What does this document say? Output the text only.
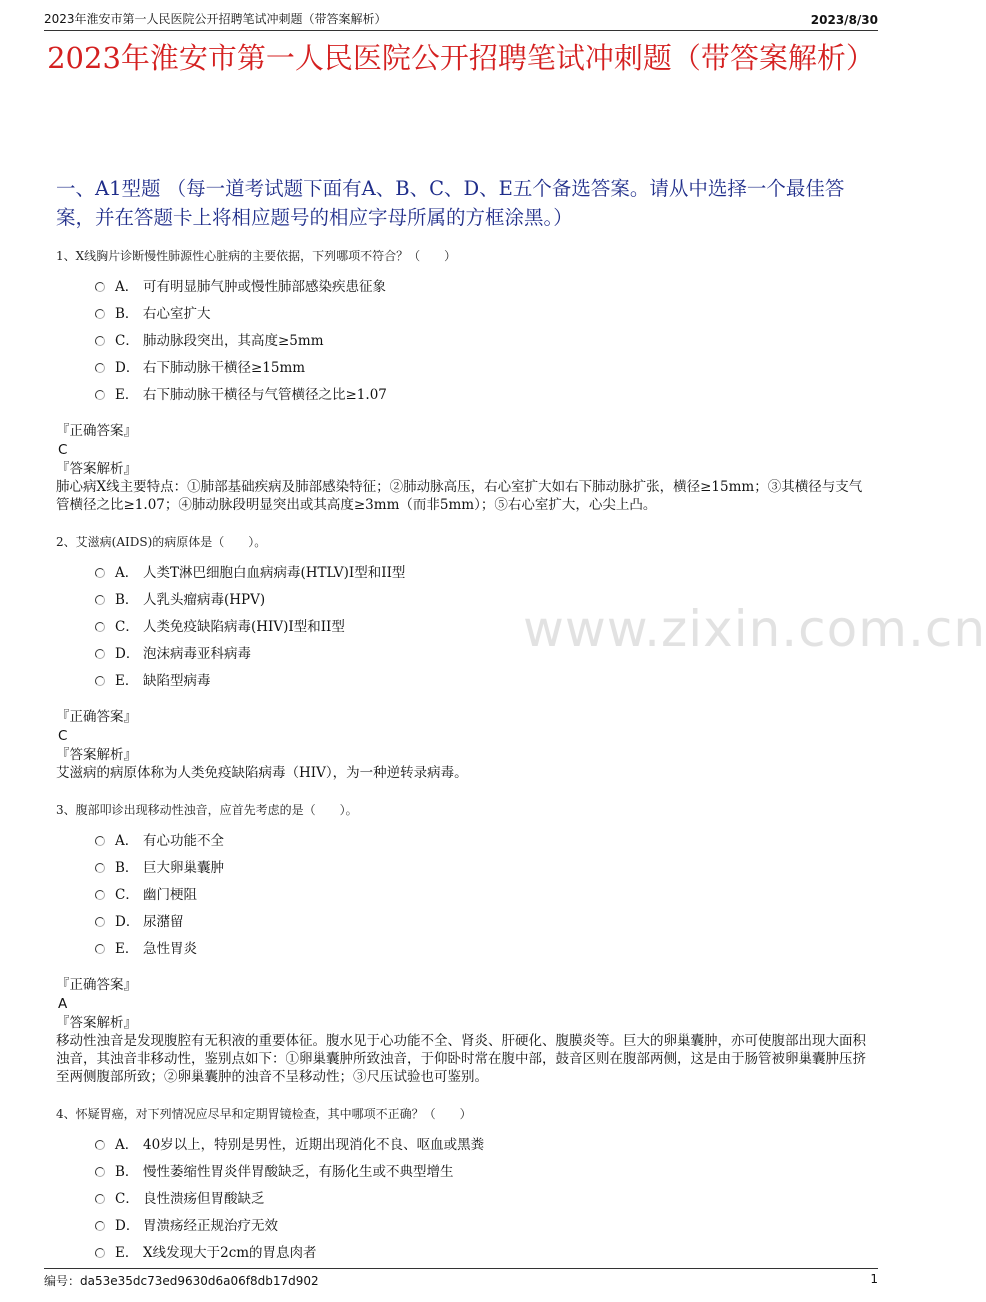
2023年淮安市第一人民医院公开招聘笔试冲刺题（带答案解析）	2023/8/30
2023年淮安市第一人民医院公开招聘笔试冲刺题（带答案解析）
一、A1型题 （每一道考试题下面有A、B、C、D、E五个备选答案。请从中选择一个最佳答案，并在答题卡上将相应题号的相应字母所属的方框涂黑。）
www.zixin.com.cn
1、X线胸片诊断慢性肺源性心脏病的主要依据，下列哪项不符合？（　　）
A． 可有明显肺气肿或慢性肺部感染疾患征象
B． 右心室扩大
C． 肺动脉段突出，其高度≥5mm
D． 右下肺动脉干横径≥15mm
E． 右下肺动脉干横径与气管横径之比≥1.07
『正确答案』
C
『答案解析』
肺心病X线主要特点：①肺部基础疾病及肺部感染特征；②肺动脉高压，右心室扩大如右下肺动脉扩张，横径≥15mm；③其横径与支气管横径之比≥1.07；④肺动脉段明显突出或其高度≥3mm（而非5mm）；⑤右心室扩大，心尖上凸。
2、艾滋病(AIDS)的病原体是（　　）。
A． 人类T淋巴细胞白血病病毒(HTLV)I型和II型
B． 人乳头瘤病毒(HPV)
C． 人类免疫缺陷病毒(HIV)I型和II型
D． 泡沫病毒亚科病毒
E． 缺陷型病毒
『正确答案』
C
『答案解析』
艾滋病的病原体称为人类免疫缺陷病毒（HIV），为一种逆转录病毒。
3、腹部叩诊出现移动性浊音，应首先考虑的是（　　）。
A． 有心功能不全
B． 巨大卵巢囊肿
C． 幽门梗阻
D． 尿潴留
E． 急性胃炎
『正确答案』
A
『答案解析』
移动性浊音是发现腹腔有无积液的重要体征。腹水见于心功能不全、肾炎、肝硬化、腹膜炎等。巨大的卵巢囊肿，亦可使腹部出现大面积浊音，其浊音非移动性，鉴别点如下：①卵巢囊肿所致浊音，于仰卧时常在腹中部，鼓音区则在腹部两侧，这是由于肠管被卵巢囊肿压挤至两侧腹部所致；②卵巢囊肿的浊音不呈移动性；③尺压试验也可鉴别。
4、怀疑胃癌，对下列情况应尽早和定期胃镜检查，其中哪项不正确？（　　）
A． 40岁以上，特别是男性，近期出现消化不良、呕血或黑粪
B． 慢性萎缩性胃炎伴胃酸缺乏，有肠化生或不典型增生
C． 良性溃疡但胃酸缺乏
D． 胃溃疡经正规治疗无效
E． X线发现大于2cm的胃息肉者
编号：da53e35dc73ed9630d6a06f8db17d902	1
